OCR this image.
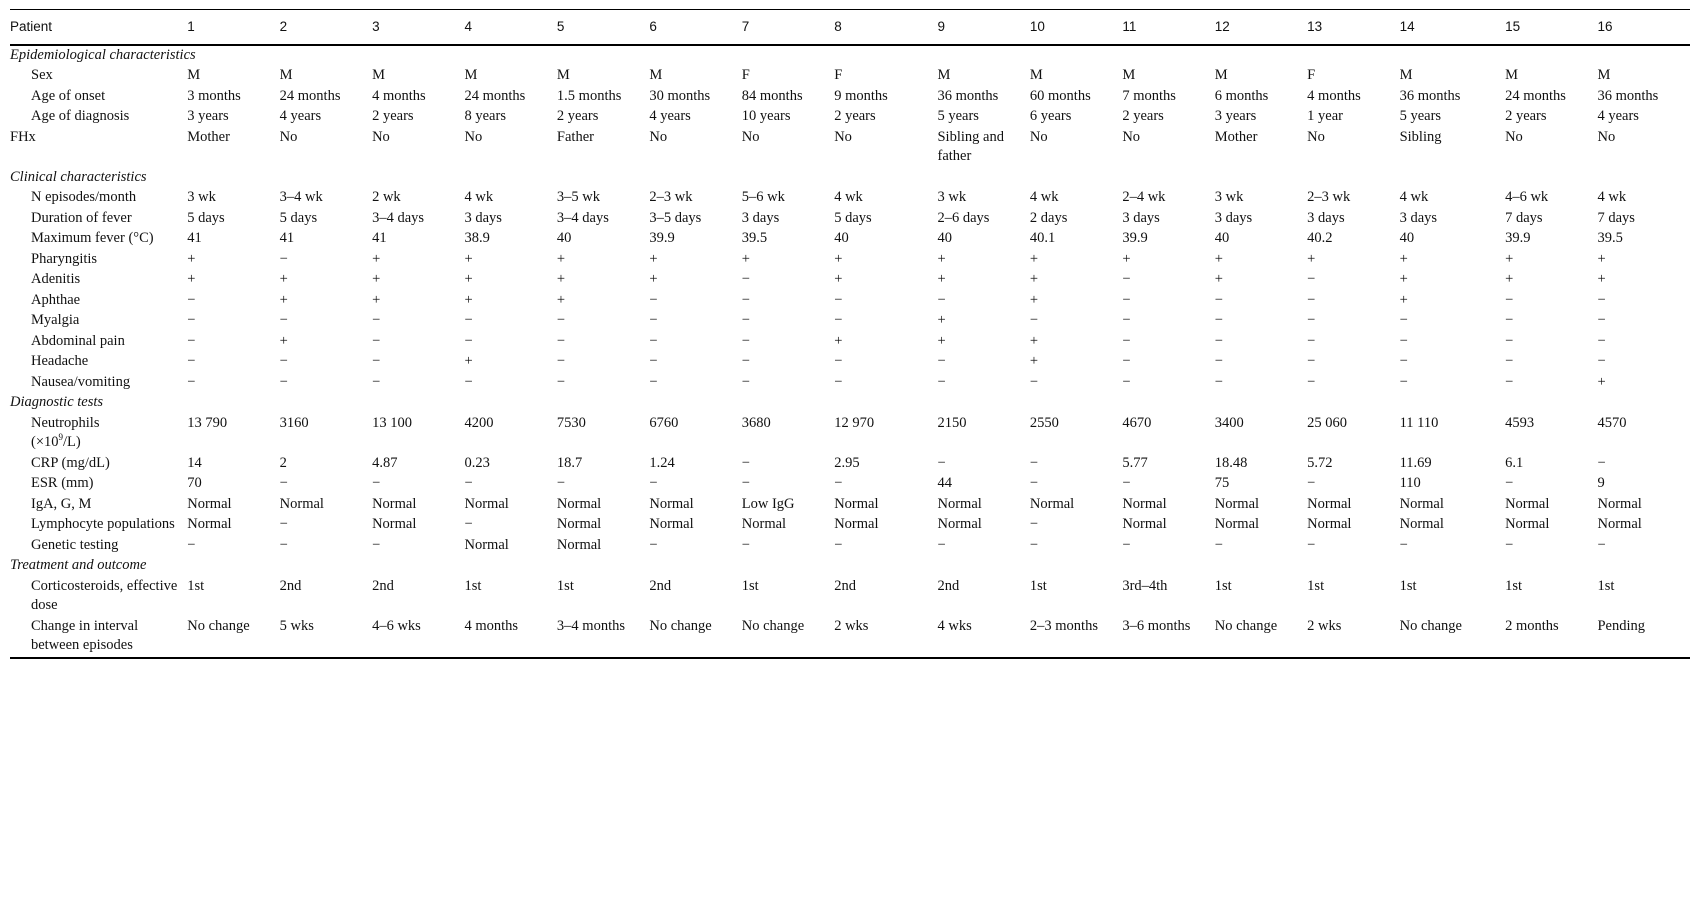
Patient	1	2	3	4	5	6	7	8	9	10	11	12	13	14	15	16
Epidemiological characteristics																
Sex	M	M	M	M	M	M	F	F	M	M	M	M	F	M	M	M
Age of onset	3 months	24 months	4 months	24 months	1.5 months	30 months	84 months	9 months	36 months	60 months	7 months	6 months	4 months	36 months	24 months	36 months
Age of diagnosis	3 years	4 years	2 years	8 years	2 years	4 years	10 years	2 years	5 years	6 years	2 years	3 years	1 year	5 years	2 years	4 years
FHx	Mother	No	No	No	Father	No	No	No	Sibling and father	No	No	Mother	No	Sibling	No	No
Clinical characteristics																
N episodes/month	3 wk	3–4 wk	2 wk	4 wk	3–5 wk	2–3 wk	5–6 wk	4 wk	3 wk	4 wk	2–4 wk	3 wk	2–3 wk	4 wk	4–6 wk	4 wk
Duration of fever	5 days	5 days	3–4 days	3 days	3–4 days	3–5 days	3 days	5 days	2–6 days	2 days	3 days	3 days	3 days	3 days	7 days	7 days
Maximum fever (°C)	41	41	41	38.9	40	39.9	39.5	40	40	40.1	39.9	40	40.2	40	39.9	39.5
Pharyngitis	+	−	+	+	+	+	+	+	+	+	+	+	+	+	+	+
Adenitis	+	+	+	+	+	+	−	+	+	+	−	+	−	+	+	+
Aphthae	−	+	+	+	+	−	−	−	−	+	−	−	−	+	−	−
Myalgia	−	−	−	−	−	−	−	−	+	−	−	−	−	−	−	−
Abdominal pain	−	+	−	−	−	−	−	+	+	+	−	−	−	−	−	−
Headache	−	−	−	+	−	−	−	−	−	+	−	−	−	−	−	−
Nausea/vomiting	−	−	−	−	−	−	−	−	−	−	−	−	−	−	−	+
Diagnostic tests																
Neutrophils
$(\times 10^9/L)$	13 790	3160	13 100	4200	7530	6760	3680	12 970	2150	2550	4670	3400	25 060	11 110	4593	4570
CRP (mg/dL)	14	2	4.87	0.23	18.7	1.24	−	2.95	−	−	5.77	18.48	5.72	11.69	6.1	−
ESR (mm)	70	−	−	−	−	−	−	−	44	−	−	75	−	110	−	9
IgA, G, M	Normal	Normal	Normal	Normal	Normal	Normal	Low IgG	Normal	Normal	Normal	Normal	Normal	Normal	Normal	Normal	Normal
Lymphocyte populations	Normal	−	Normal	−	Normal	Normal	Normal	Normal	Normal	−	Normal	Normal	Normal	Normal	Normal	Normal
Genetic testing	−	−	−	Normal	Normal	−	−	−	−	−	−	−	−	−	−	−
Treatment and outcome																
Corticosteroids, effective dose	1st	2nd	2nd	1st	1st	2nd	1st	2nd	2nd	1st	3rd–4th	1st	1st	1st	1st	1st
Change in interval between episodes	No change	5 wks	4–6 wks	4 months	3–4 months	No change	No change	2 wks	4 wks	2–3 months	3–6 months	No change	2 wks	No change	2 months	Pending
